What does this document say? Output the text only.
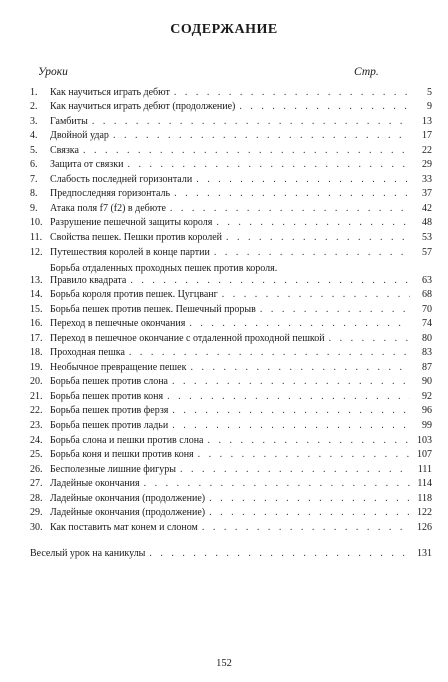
СОДЕРЖАНИЕ
Уроки	Стр.
1.	Как научиться играть дебют . . .	5
2.	Как научиться играть дебют (продолжение) . . .	9
3.	Гамбиты . . .	13
4.	Двойной удар . . .	17
5.	Связка . . .	22
6.	Защита от связки . . .	29
7.	Слабость последней горизонтали . . .	33
8.	Предпоследняя горизонталь . . .	37
9.	Атака поля f7 (f2) в дебюте . . .	42
10. Разрушение пешечной защиты короля . . .	48
11. Свойства пешек. Пешки против королей . . .	53
12. Путешествия королей в конце партии . . .	57
13.
Борьба отдаленных проходных пешек против короля.
Правило квадрата . . .	63
14. Борьба короля против пешек. Цугцванг . . .	68
15. Борьба пешек против пешек. Пешечный прорыв . . .	70
16. Переход в пешечные окончания . . .	74
17. Переход в пешечное окончание с отдаленной проходной пешкой . . .	80
18. Проходная пешка . . .	83
19. Необычное превращение пешек . . .	87
20. Борьба пешек против слона . . .	90
21. Борьба пешек против коня . . .	92
22. Борьба пешек против ферзя . . .	96
23. Борьба пешек против ладьи . . .	99
24. Борьба слона и пешки против слона . . .	103
25. Борьба коня и пешки против коня . . .	107
26. Бесполезные лишние фигуры . . .	111
27. Ладейные окончания . . .	114
28. Ладейные окончания (продолжение) . . .	118
29. Ладейные окончания (продолжение) . . .	122
30. Как поставить мат конем и слоном . . .	126
Веселый урок на каникулы . . .	131
152
